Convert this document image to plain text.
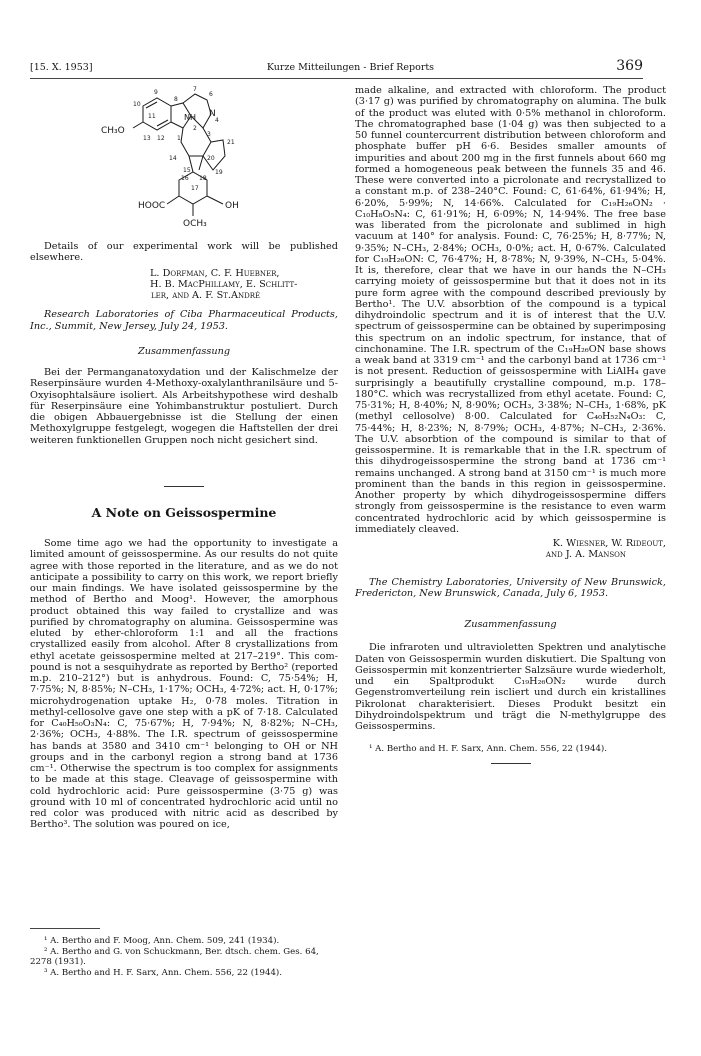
[15. X. 1953]	Kurze Mitteilungen - Brief Reports	369
CH₃O
NH N
HOOC	OH
OCH₃
9	7
6
10
8
11
12
13	1
2
3
4
21
20
14
15
16 18
19
17

Details of our experimental work will be published elsewhere.

L. Dorfman, C. F. Huebner,
H. B. MacPhillamy, E. Schlitt-
ler, and A. F. St.André

Research Laboratories of Ciba Pharmaceutical Products, Inc., Summit, New Jersey, July 24, 1953.

Zusammenfassung

Bei der Permanganatoxydation und der Kalischmelze der Reserpinsäure wurden 4-Methoxy-oxalylanthranilsäure und 5-Oxyisophtalsäure isoliert. Als Arbeitshypothese wird deshalb für Reserpinsäure eine Yohimbanstruktur postuliert. Durch die obigen Abbauergebnisse ist die Stellung der einen Methoxylgruppe festgelegt, wogegen die Haftstellen der drei weiteren funktionellen Gruppen noch nicht gesichert sind.

A Note on Geissospermine

Some time ago we had the opportunity to investigate a limited amount of geissospermine. As our results do not quite agree with those reported in the literature, and as we do not anticipate a possibility to carry on this work, we report briefly our main findings. We have isolated geissospermine by the method of Bertho and Moog¹. However, the amorphous product obtained this way failed to crystallize and was purified by chromatography on alumina. Geissospermine was eluted by ether-chloroform 1:1 and all the fractions crystallized easily from alcohol. After 8 crystallizations from ethyl acetate geissospermine melted at 217–219°. This compound is not a sesquihydrate as reported by Bertho² (reported m.p. 210–212°) but is anhydrous. Found: C, 75·54%; H, 7·75%; N, 8·85%; N–CH₃, 1·17%; OCH₃, 4·72%; act. H, 0·17%; microhydrogenation uptake H₂, 0·78 moles. Titration in methyl-cellosolve gave one step with a pK of 7·18. Calculated for C₄₀H₅₀O₃N₄: C, 75·67%; H, 7·94%; N, 8·82%; N–CH₃, 2·36%; OCH₃, 4·88%. The I.R. spectrum of geissospermine has bands at 3580 and 3410 cm⁻¹ belonging to OH or NH groups and in the carbonyl region a strong band at 1736 cm⁻¹. Otherwise the spectrum is too complex for assignments to be made at this stage. Cleavage of geissospermine with cold hydrochloric acid: Pure geissospermine (3·75 g) was ground with 10 ml of concentrated hydrochloric acid until no red color was produced with nitric acid as described by Bertho³. The solution was poured on ice,

¹ A. Bertho and F. Moog, Ann. Chem. 509, 241 (1934).
² A. Bertho and G. von Schuckmann, Ber. dtsch. chem. Ges. 64, 2278 (1931).
³ A. Bertho and H. F. Sarx, Ann. Chem. 556, 22 (1944).

made alkaline, and extracted with chloroform. The product (3·17 g) was purified by chromatography on alumina. The bulk of the product was eluted with 0·5% methanol in chloroform. The chromatographed base (1·04 g) was then subjected to a 50 funnel countercurrent distribution between chloroform and phosphate buffer pH 6·6. Besides smaller amounts of impurities and about 200 mg in the first funnels about 660 mg formed a homogeneous peak between the funnels 35 and 46. These were converted into a picrolonate and recrystallized to a constant m.p. of 238–240°C. Found: C, 61·64%, 61·94%; H, 6·20%, 5·99%; N, 14·66%. Calculated for C₁₉H₂₆ON₂ · C₁₀H₈O₅N₄: C, 61·91%; H, 6·09%; N, 14·94%. The free base was liberated from the picrolonate and sublimed in high vacuum at 140° for analysis. Found: C, 76·25%; H, 8·77%; N, 9·35%; N–CH₃, 2·84%; OCH₃, 0·0%; act. H, 0·67%. Calculated for C₁₉H₂₆ON: C, 76·47%; H, 8·78%; N, 9·39%, N–CH₃, 5·04%. It is, therefore, clear that we have in our hands the N–CH₃ carrying moiety of geissospermine but that it does not in its pure form agree with the compound described previously by Bertho¹. The U.V. absorbtion of the compound is a typical dihydroindolic spectrum and it is of interest that the U.V. spectrum of geissospermine can be obtained by superimposing this spectrum on an indolic spectrum, for instance, that of cinchonamine. The I.R. spectrum of the C₁₉H₂₆ON base shows a weak band at 3319 cm⁻¹ and the carbonyl band at 1736 cm⁻¹ is not present. Reduction of geissospermine with LiAlH₄ gave surprisingly a beautifully crystalline compound, m.p. 178–180°C. which was recrystallized from ethyl acetate. Found: C, 75·31%; H, 8·40%; N, 8·90%; OCH₃, 3·38%; N–CH₃, 1·68%, pK (methyl cellosolve) 8·00. Calculated for C₄₀H₅₂N₄O₃: C, 75·44%; H, 8·23%; N, 8·79%; OCH₃, 4·87%; N–CH₃, 2·36%. The U.V. absorbtion of the compound is similar to that of geissospermine. It is remarkable that in the I.R. spectrum of this dihydrogeissospermine the strong band at 1736 cm⁻¹ remains unchanged. A strong band at 3150 cm⁻¹ is much more prominent than the bands in this region in geissospermine. Another property by which dihydrogeissospermine differs strongly from geissospermine is the resistance to even warm concentrated hydrochloric acid by which geissospermine is immediately cleaved.

K. Wiesner, W. Rideout,
and J. A. Manson

The Chemistry Laboratories, University of New Brunswick, Fredericton, New Brunswick, Canada, July 6, 1953.

Zusammenfassung

Die infraroten und ultravioletten Spektren und analytische Daten von Geissospermin wurden diskutiert. Die Spaltung von Geissospermin mit konzentrierter Salzsäure wurde wiederholt, und ein Spaltprodukt C₁₉H₂₆ON₂ wurde durch Gegenstromverteilung rein iscliert und durch ein kristallines Pikrolonat charakterisiert. Dieses Produkt besitzt ein Dihydroindolspektrum und trägt die N-methylgruppe des Geissospermins.

¹ A. Bertho and H. F. Sarx, Ann. Chem. 556, 22 (1944).
